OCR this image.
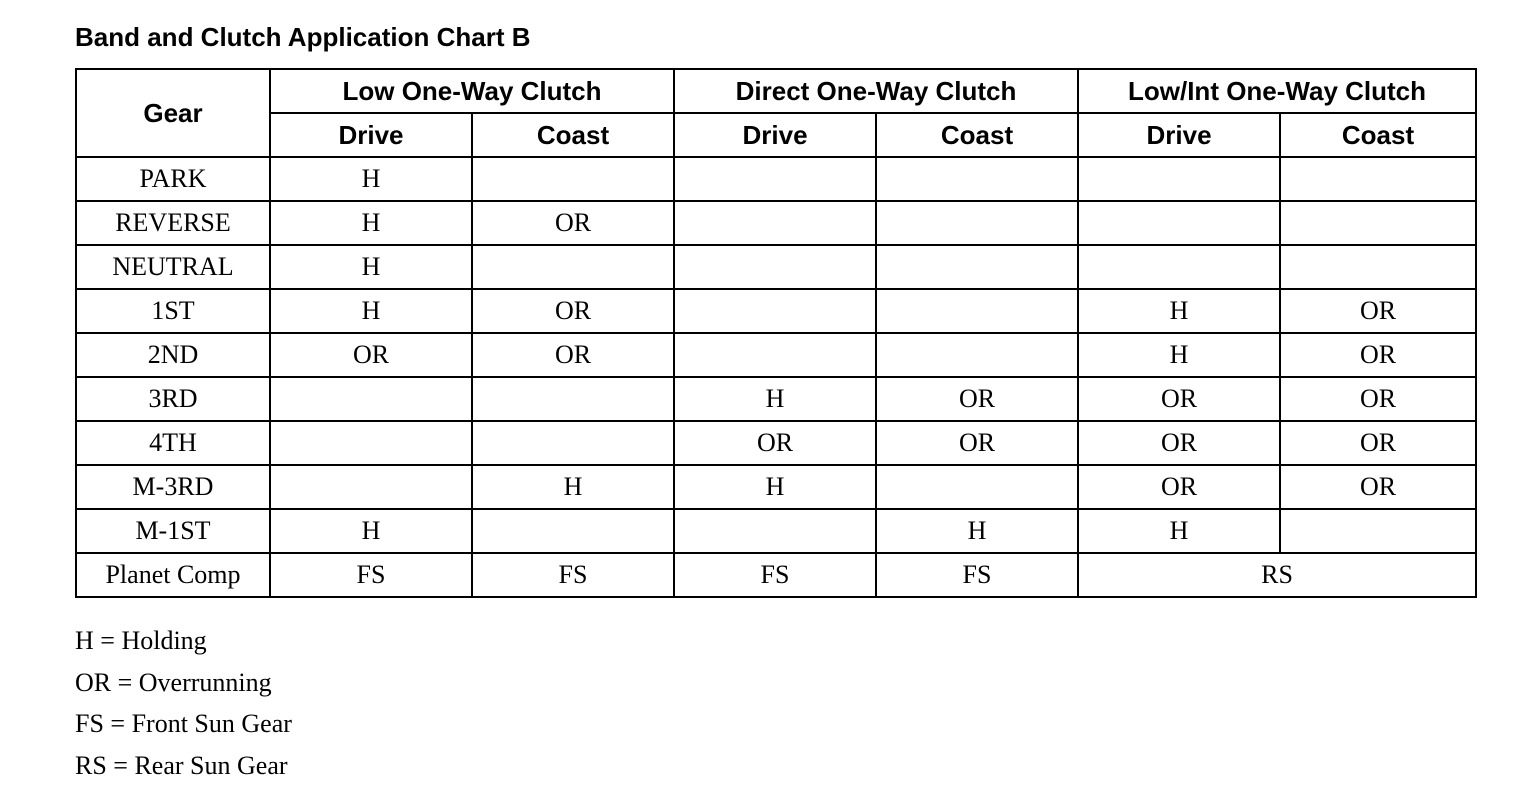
Band and Clutch Application Chart B
Gear	Low One-Way Clutch		Direct One-Way Clutch		Low/Int One-Way Clutch	
	Drive	Coast	Drive	Coast	Drive	Coast
PARK	H					
REVERSE	H	OR				
NEUTRAL	H					
1ST	H	OR			H	OR
2ND	OR	OR			H	OR
3RD			H	OR	OR	OR
4TH			OR	OR	OR	OR
M-3RD		H	H		OR	OR
M-1ST	H			H	H	
Planet Comp	FS	FS	FS	FS	RS	
H = Holding
OR = Overrunning
FS = Front Sun Gear
RS = Rear Sun Gear
